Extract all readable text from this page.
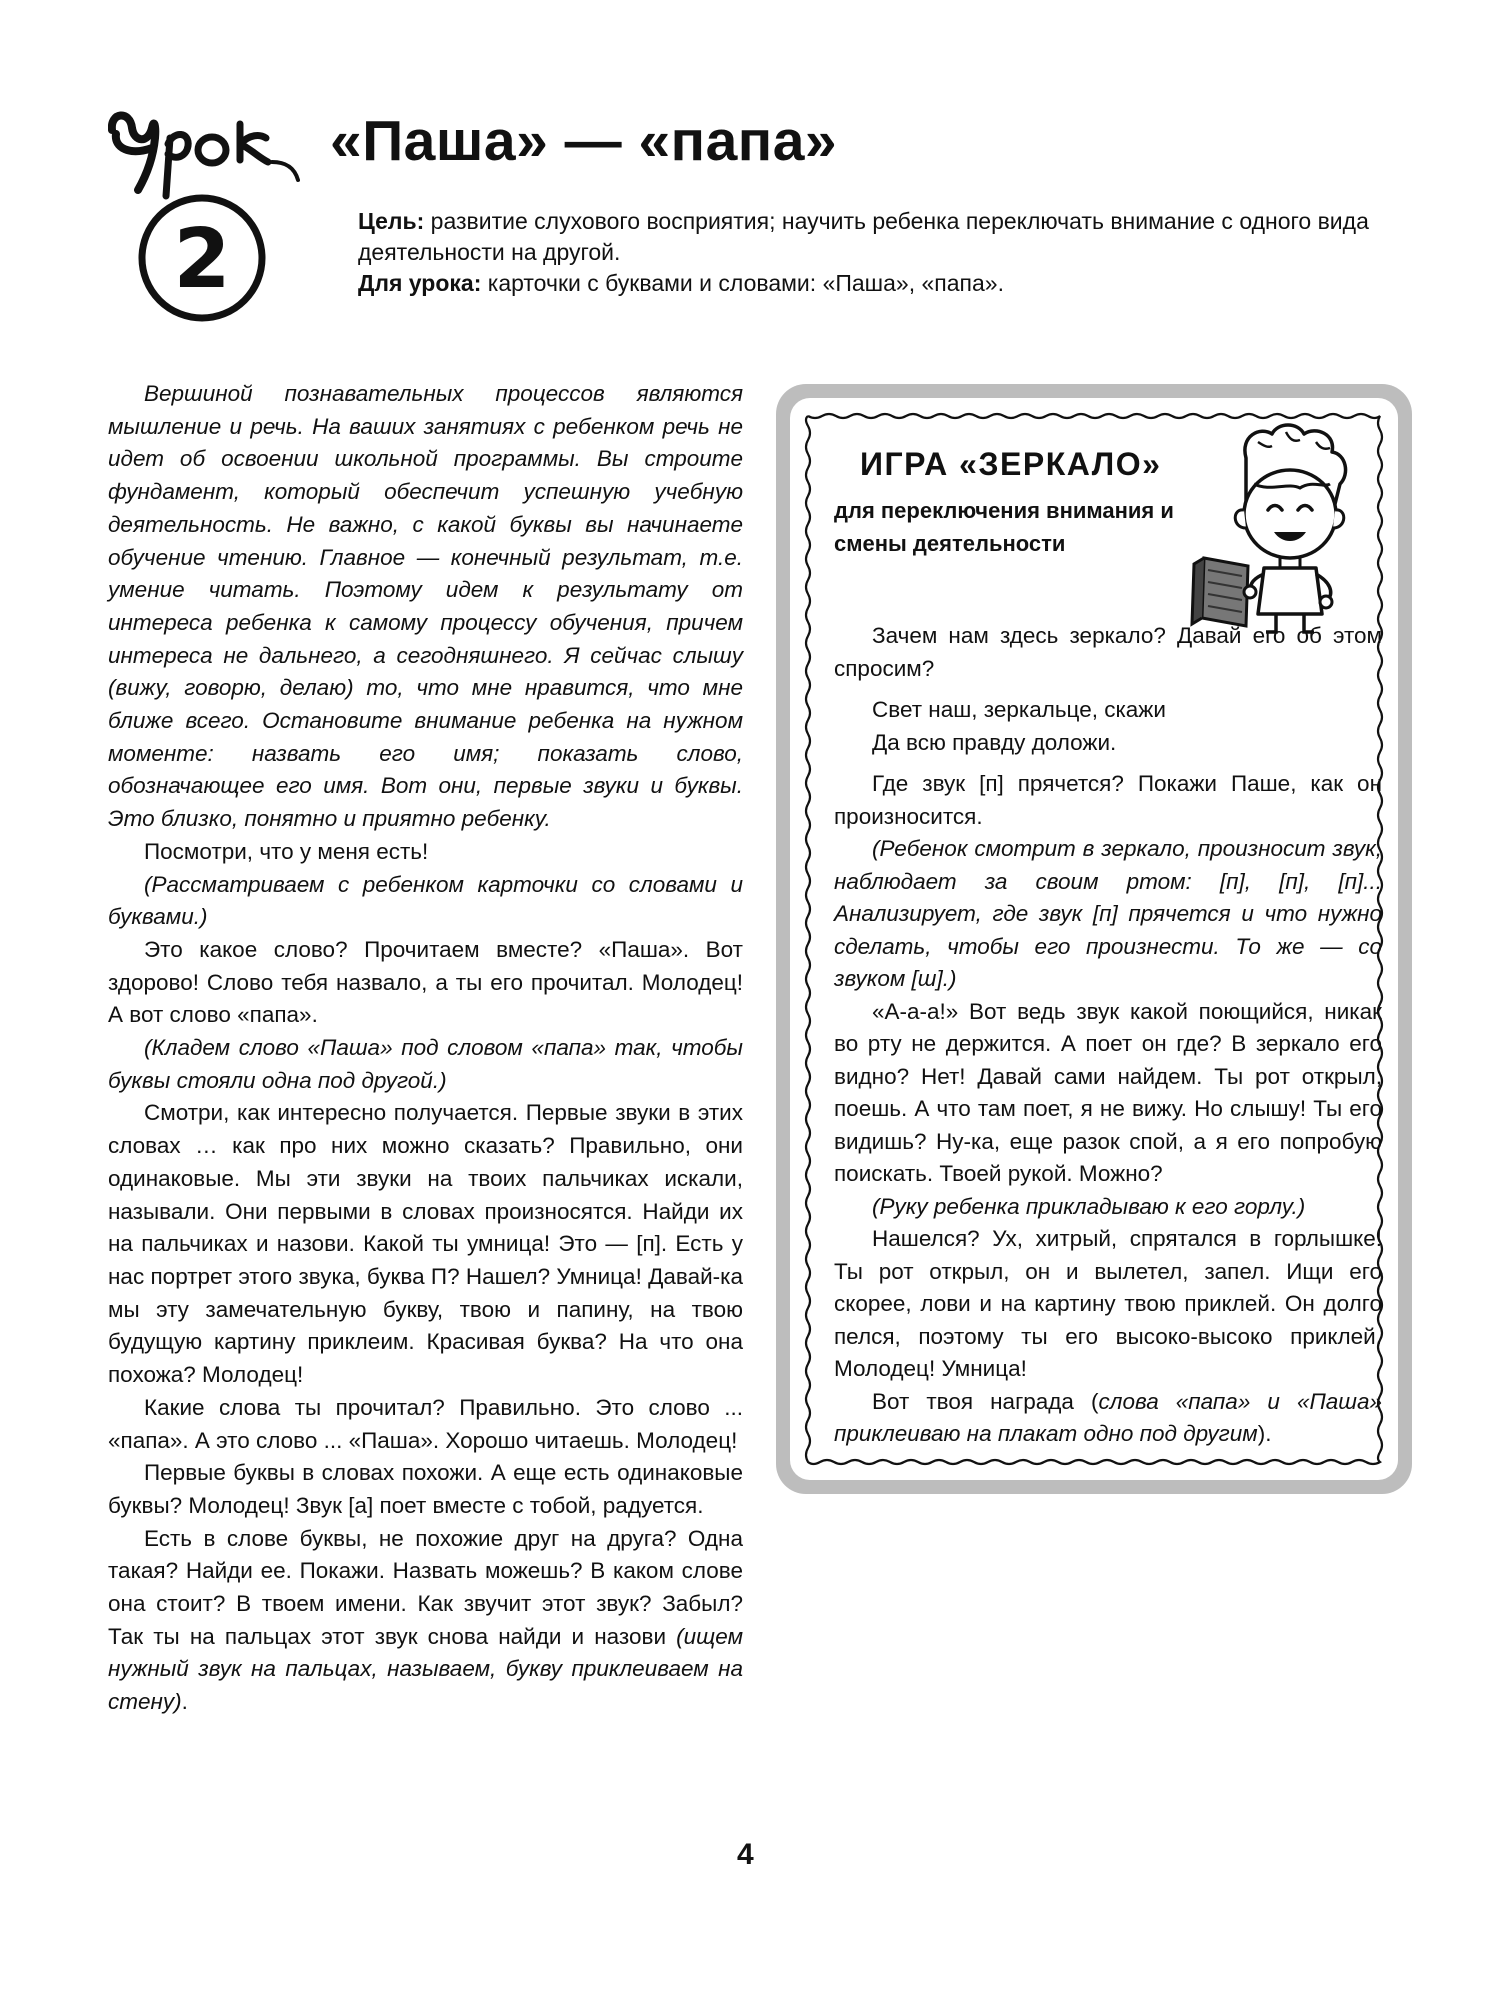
2
«Паша» — «папа»

Цель: развитие слухового восприятия; научить ребенка переключать внимание с одного вида деятельности на другой.

Для урока: карточки с буквами и словами: «Паша», «папа».

Вершиной познавательных процессов являются мышление и речь. На ваших занятиях с ребенком речь не идет об освоении школьной программы. Вы строите фундамент, который обеспечит успешную учебную деятельность. Не важно, с какой буквы вы начинаете обучение чтению. Главное — конечный результат, т.е. умение читать. Поэтому идем к результату от интереса ребенка к самому процессу обучения, причем интереса не дальнего, а сегодняшнего. Я сейчас слышу (вижу, говорю, делаю) то, что мне нравится, что мне ближе всего. Остановите внимание ребенка на нужном моменте: назвать его имя; показать слово, обозначающее его имя. Вот они, первые звуки и буквы. Это близко, понятно и приятно ребенку.

Посмотри, что у меня есть!

(Рассматриваем с ребенком карточки со словами и буквами.)

Это какое слово? Прочитаем вместе? «Паша». Вот здорово! Слово тебя назвало, а ты его прочитал. Молодец! А вот слово «папа».

(Кладем слово «Паша» под словом «папа» так, чтобы буквы стояли одна под другой.)

Смотри, как интересно получается. Первые звуки в этих словах … как про них можно сказать? Правильно, они одинаковые. Мы эти звуки на твоих пальчиках искали, называли. Они первыми в словах произносятся. Найди их на пальчиках и назови. Какой ты умница! Это — [п]. Есть у нас портрет этого звука, буква П? Нашел? Умница! Давай-ка мы эту замечательную букву, твою и папину, на твою будущую картину приклеим. Красивая буква? На что она похожа? Молодец!

Какие слова ты прочитал? Правильно. Это слово ... «папа». А это слово ... «Паша». Хорошо читаешь. Молодец!

Первые буквы в словах похожи. А еще есть одинаковые буквы? Молодец! Звук [а] поет вместе с тобой, радуется.

Есть в слове буквы, не похожие друг на друга? Одна такая? Найди ее. Покажи. Назвать можешь? В каком слове она стоит? В твоем имени. Как звучит этот звук? Забыл? Так ты на пальцах этот звук снова найди и назови (ищем нужный звук на пальцах, называем, букву приклеиваем на стену).

ИГРА «ЗЕРКАЛО»
для переключения внимания и смены деятельности

Зачем нам здесь зеркало? Давай его об этом спросим?

Свет наш, зеркальце, скажи

Да всю правду доложи.

Где звук [п] прячется? Покажи Паше, как он произносится.

(Ребенок смотрит в зеркало, произносит звук, наблюдает за своим ртом: [п], [п], [п]... Анализирует, где звук [п] прячется и что нужно сделать, чтобы его произнести. То же — со звуком [ш].)

«А-а-а!» Вот ведь звук какой поющийся, никак во рту не держится. А поет он где? В зеркало его видно? Нет! Давай сами найдем. Ты рот открыл, поешь. А что там поет, я не вижу. Но слышу! Ты его видишь? Ну-ка, еще разок спой, а я его попробую поискать. Твоей рукой. Можно?

(Руку ребенка прикладываю к его горлу.)

Нашелся? Ух, хитрый, спрятался в горлышке! Ты рот открыл, он и вылетел, запел. Ищи его скорее, лови и на картину твою приклей. Он долго пелся, поэтому ты его высоко-высоко приклей. Молодец! Умница!

Вот твоя награда (слова «папа» и «Паша» приклеиваю на плакат одно под другим).

4
